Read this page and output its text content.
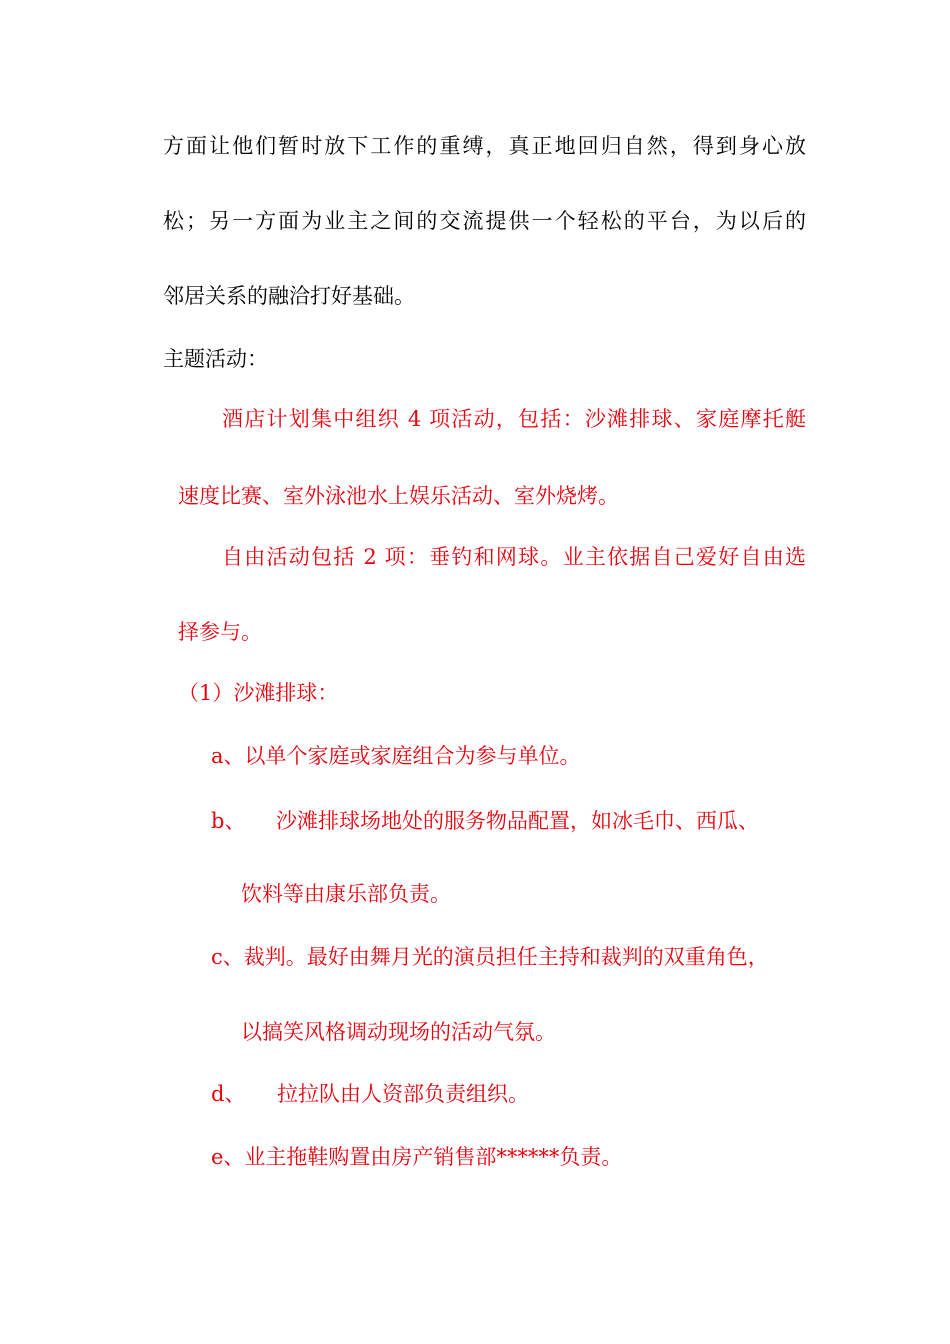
方面让他们暂时放下工作的重缚，真正地回归自然，得到身心放
松；另一方面为业主之间的交流提供一个轻松的平台，为以后的
邻居关系的融洽打好基础。
主题活动：
酒店计划集中组织 4 项活动，包括：沙滩排球、家庭摩托艇
速度比赛、室外泳池水上娱乐活动、室外烧烤。
自由活动包括 2 项：垂钓和网球。业主依据自己爱好自由选
择参与。
（1）沙滩排球：
a、以单个家庭或家庭组合为参与单位。
b、 沙滩排球场地处的服务物品配置，如冰毛巾、西瓜、
饮料等由康乐部负责。
c、裁判。最好由舞月光的演员担任主持和裁判的双重角色，
以搞笑风格调动现场的活动气氛。
d、 拉拉队由人资部负责组织。
e、业主拖鞋购置由房产销售部******负责。
